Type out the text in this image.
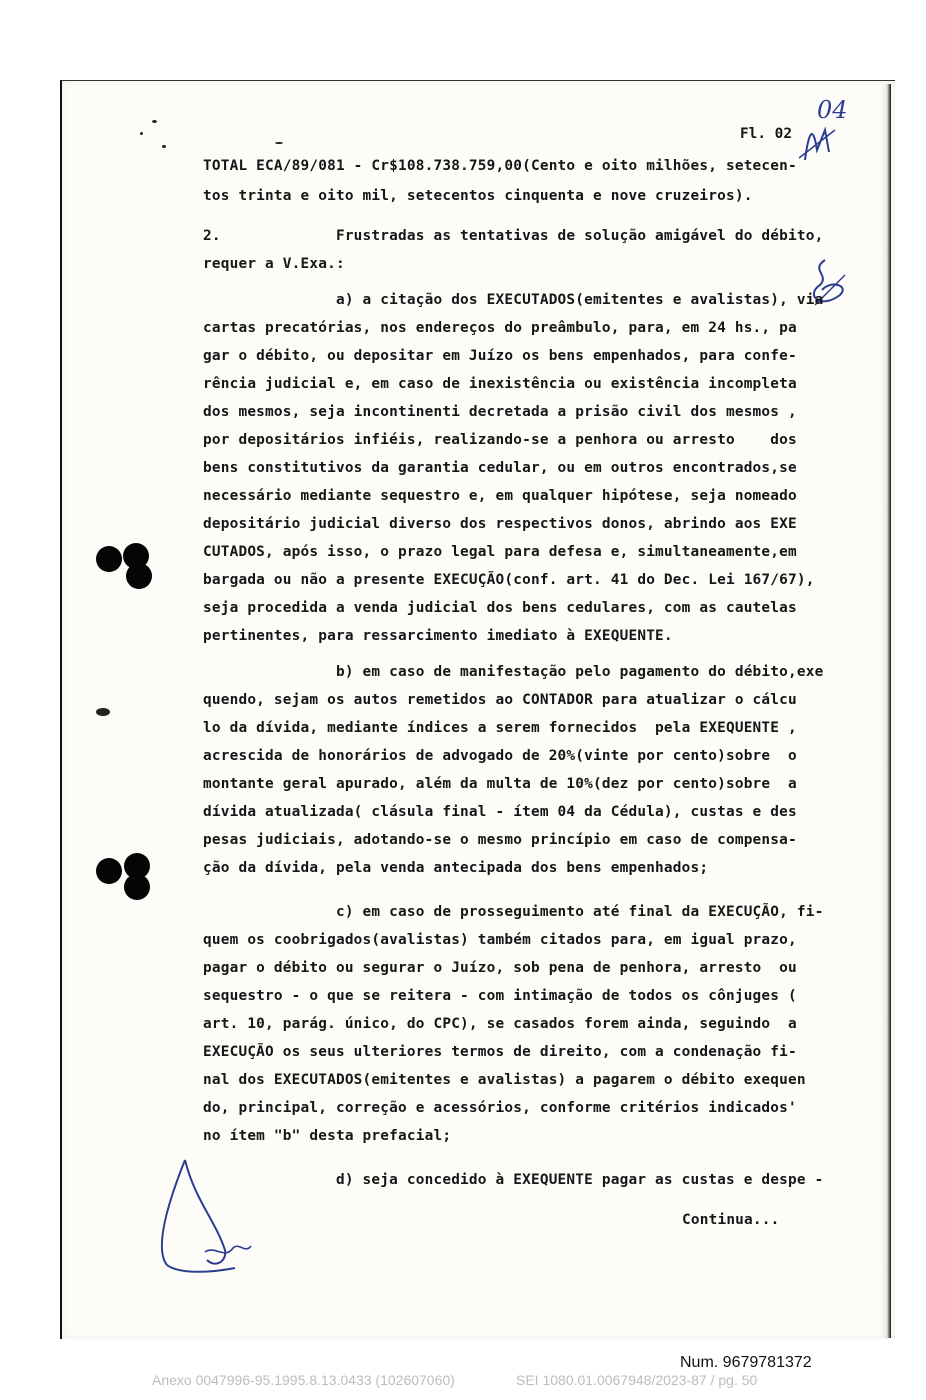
Fl. 02
04
TOTAL ECA/89/081 - Cr$108.738.759,00(Cento e oito milhões, setecen-
tos trinta e oito mil, setecentos cinquenta e nove cruzeiros).
2.             Frustradas as tentativas de solução amigável do débito,
requer a V.Exa.:
a) a citação dos EXECUTADOS(emitentes e avalistas), via
cartas precatórias, nos endereços do preâmbulo, para, em 24 hs., pa
gar o débito, ou depositar em Juízo os bens empenhados, para confe-
rência judicial e, em caso de inexistência ou existência incompleta
dos mesmos, seja incontinenti decretada a prisão civil dos mesmos ,
por depositários infiéis, realizando-se a penhora ou arresto    dos
bens constitutivos da garantia cedular, ou em outros encontrados,se
necessário mediante sequestro e, em qualquer hipótese, seja nomeado
depositário judicial diverso dos respectivos donos, abrindo aos EXE
CUTADOS, após isso, o prazo legal para defesa e, simultaneamente,em
bargada ou não a presente EXECUÇÃO(conf. art. 41 do Dec. Lei 167/67),
seja procedida a venda judicial dos bens cedulares, com as cautelas
pertinentes, para ressarcimento imediato à EXEQUENTE.
b) em caso de manifestação pelo pagamento do débito,exe
quendo, sejam os autos remetidos ao CONTADOR para atualizar o cálcu
lo da dívida, mediante índices a serem fornecidos  pela EXEQUENTE ,
acrescida de honorários de advogado de 20%(vinte por cento)sobre  o
montante geral apurado, além da multa de 10%(dez por cento)sobre  a
dívida atualizada( clásula final - ítem 04 da Cédula), custas e des
pesas judiciais, adotando-se o mesmo princípio em caso de compensa-
ção da dívida, pela venda antecipada dos bens empenhados;
c) em caso de prosseguimento até final da EXECUÇÃO, fi-
quem os coobrigados(avalistas) também citados para, em igual prazo,
pagar o débito ou segurar o Juízo, sob pena de penhora, arresto  ou
sequestro - o que se reitera - com intimação de todos os cônjuges (
art. 10, parág. único, do CPC), se casados forem ainda, seguindo  a
EXECUÇÃO os seus ulteriores termos de direito, com a condenação fi-
nal dos EXECUTADOS(emitentes e avalistas) a pagarem o débito exequen
do, principal, correção e acessórios, conforme critérios indicados'
no ítem "b" desta prefacial;
d) seja concedido à EXEQUENTE pagar as custas e despe -
Continua...
Num. 9679781372
Anexo 0047996-95.1995.8.13.0433 (102607060)	SEI 1080.01.0067948/2023-87 / pg. 50
